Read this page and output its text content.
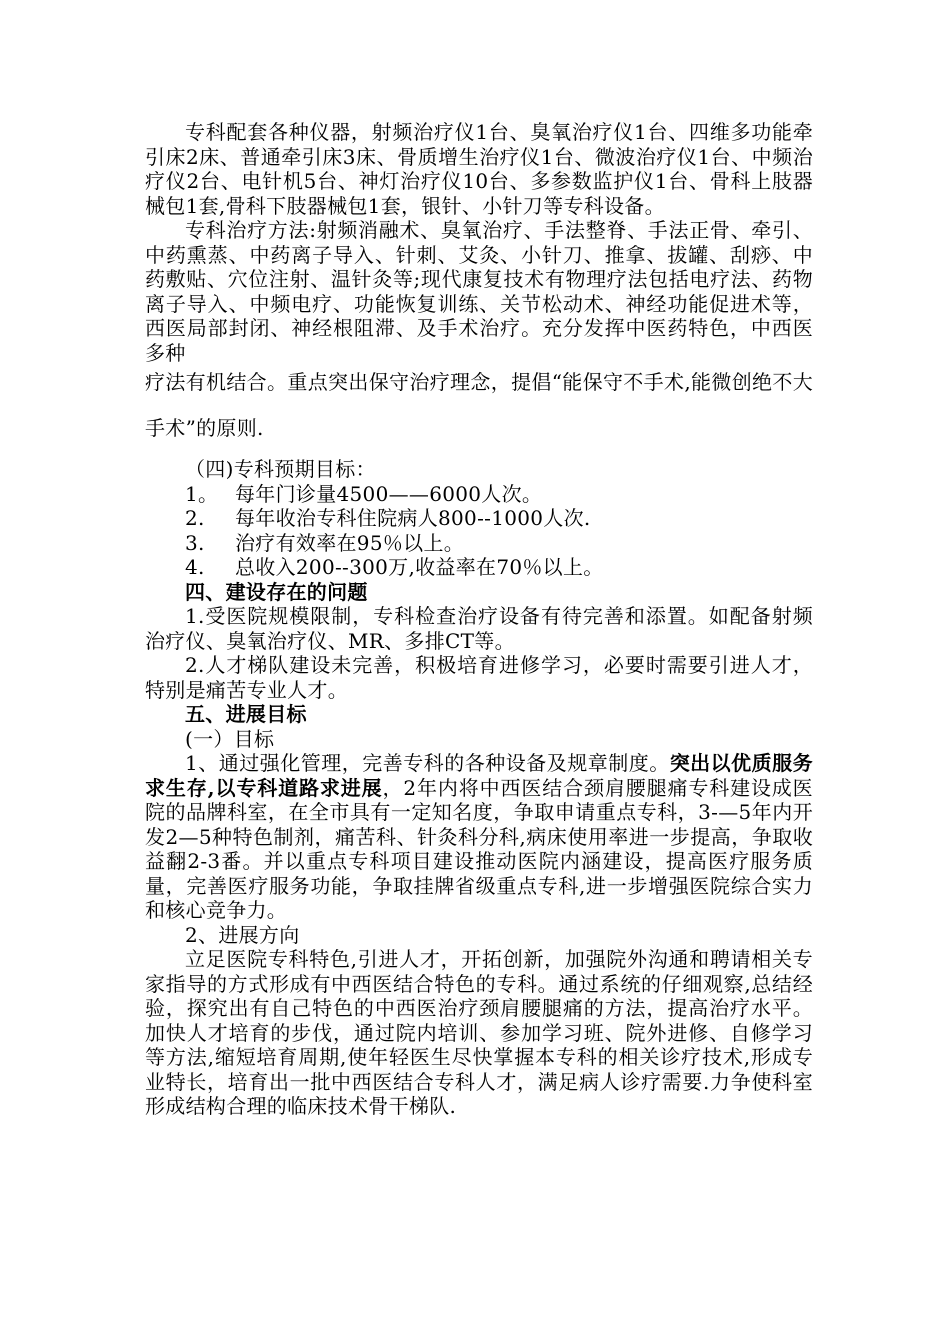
专科配套各种仪器，射频治疗仪1台、臭氧治疗仪1台、四维多功能牵引床2床、普通牵引床3床、骨质增生治疗仪1台、微波治疗仪1台、中频治疗仪2台、电针机5台、神灯治疗仪10台、多参数监护仪1台、骨科上肢器械包1套,骨科下肢器械包1套，银针、小针刀等专科设备。

专科治疗方法:射频消融术、臭氧治疗、手法整脊、手法正骨、牵引、中药熏蒸、中药离子导入、针刺、艾灸、小针刀、推拿、拔罐、刮痧、中药敷贴、穴位注射、温针灸等;现代康复技术有物理疗法包括电疗法、药物离子导入、中频电疗、功能恢复训练、关节松动术、神经功能促进术等，西医局部封闭、神经根阻滞、及手术治疗。充分发挥中医药特色，中西医多种

疗法有机结合。重点突出保守治疗理念，提倡“能保守不手术,能微创绝不大手术”的原则.

（四)专科预期目标：

1。 每年门诊量4500——6000人次。

2. 每年收治专科住院病人800--1000人次.

3. 治疗有效率在95％以上。

4. 总收入200--300万,收益率在70％以上。

四、建设存在的问题

1.受医院规模限制，专科检查治疗设备有待完善和添置。如配备射频治疗仪、臭氧治疗仪、MR、多排CT等。

2.人才梯队建设未完善，积极培育进修学习，必要时需要引进人才，特别是痛苦专业人才。

五、进展目标

(一）目标

1、通过强化管理，完善专科的各种设备及规章制度。突出以优质服务求生存,以专科道路求进展，2年内将中西医结合颈肩腰腿痛专科建设成医院的品牌科室，在全市具有一定知名度，争取申请重点专科，3-—5年内开发2—5种特色制剂，痛苦科、针灸科分科,病床使用率进一步提高，争取收益翻2-3番。并以重点专科项目建设推动医院内涵建设，提高医疗服务质量，完善医疗服务功能，争取挂牌省级重点专科,进一步增强医院综合实力和核心竞争力。

2、进展方向

立足医院专科特色,引进人才，开拓创新，加强院外沟通和聘请相关专家指导的方式形成有中西医结合特色的专科。通过系统的仔细观察,总结经验，探究出有自己特色的中西医治疗颈肩腰腿痛的方法，提高治疗水平。加快人才培育的步伐，通过院内培训、参加学习班、院外进修、自修学习等方法,缩短培育周期,使年轻医生尽快掌握本专科的相关诊疗技术,形成专业特长，培育出一批中西医结合专科人才，满足病人诊疗需要.力争使科室形成结构合理的临床技术骨干梯队.
